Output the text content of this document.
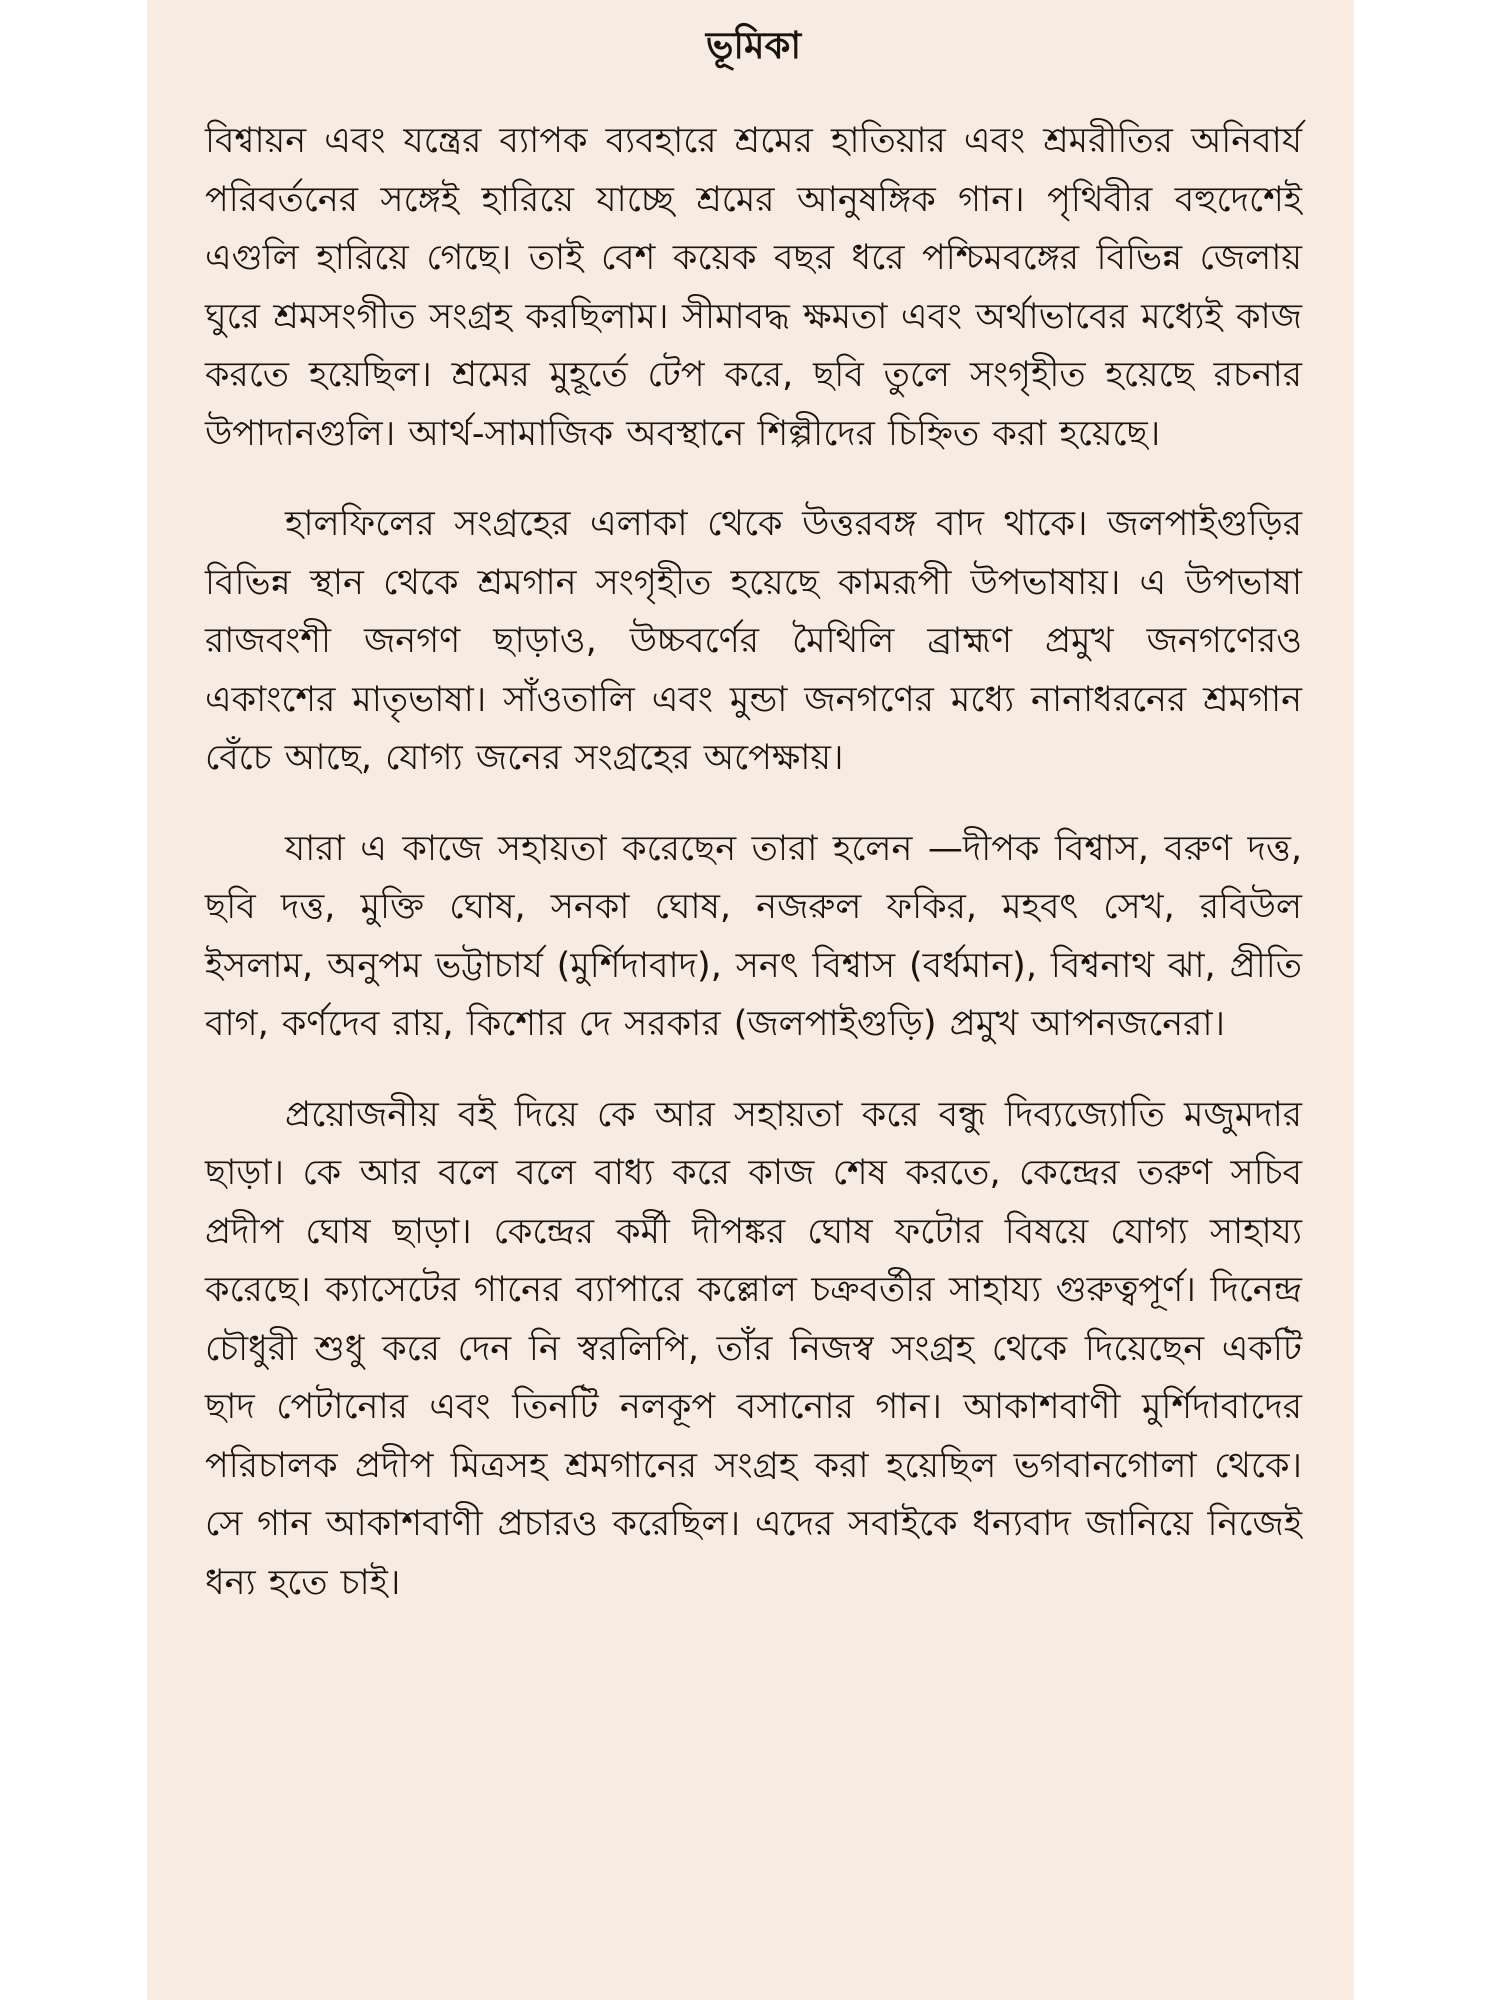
ভূমিকা

বিশ্বায়ন এবং যন্ত্রের ব্যাপক ব্যবহারে শ্রমের হাতিয়ার এবং শ্রমরীতির অনিবার্য পরিবর্তনের সঙ্গেই হারিয়ে যাচ্ছে শ্রমের আনুষঙ্গিক গান। পৃথিবীর বহুদেশেই এগুলি হারিয়ে গেছে। তাই বেশ কয়েক বছর ধরে পশ্চিমবঙ্গের বিভিন্ন জেলায় ঘুরে শ্রমসংগীত সংগ্রহ করছিলাম। সীমাবদ্ধ ক্ষমতা এবং অর্থাভাবের মধ্যেই কাজ করতে হয়েছিল। শ্রমের মুহূর্তে টেপ করে, ছবি তুলে সংগৃহীত হয়েছে রচনার উপাদানগুলি। আর্থ-সামাজিক অবস্থানে শিল্পীদের চিহ্নিত করা হয়েছে।

হালফিলের সংগ্রহের এলাকা থেকে উত্তরবঙ্গ বাদ থাকে। জলপাইগুড়ির বিভিন্ন স্থান থেকে শ্রমগান সংগৃহীত হয়েছে কামরূপী উপভাষায়। এ উপভাষা রাজবংশী জনগণ ছাড়াও, উচ্চবর্ণের মৈথিলি ব্রাহ্মণ প্রমুখ জনগণেরও একাংশের মাতৃভাষা। সাঁওতালি এবং মুন্ডা জনগণের মধ্যে নানাধরনের শ্রমগান বেঁচে আছে, যোগ্য জনের সংগ্রহের অপেক্ষায়।

যারা এ কাজে সহায়তা করেছেন তারা হলেন —দীপক বিশ্বাস, বরুণ দত্ত, ছবি দত্ত, মুক্তি ঘোষ, সনকা ঘোষ, নজরুল ফকির, মহবৎ সেখ, রবিউল ইসলাম, অনুপম ভট্টাচার্য (মুর্শিদাবাদ), সনৎ বিশ্বাস (বর্ধমান), বিশ্বনাথ ঝা, প্রীতি বাগ, কর্ণদেব রায়, কিশোর দে সরকার (জলপাইগুড়ি) প্রমুখ আপনজনেরা।

প্রয়োজনীয় বই দিয়ে কে আর সহায়তা করে বন্ধু দিব্যজ্যোতি মজুমদার ছাড়া। কে আর বলে বলে বাধ্য করে কাজ শেষ করতে, কেন্দ্রের তরুণ সচিব প্রদীপ ঘোষ ছাড়া। কেন্দ্রের কর্মী দীপঙ্কর ঘোষ ফটোর বিষয়ে যোগ্য সাহায্য করেছে। ক্যাসেটের গানের ব্যাপারে কল্লোল চক্রবর্তীর সাহায্য গুরুত্বপূর্ণ। দিনেন্দ্র চৌধুরী শুধু করে দেন নি স্বরলিপি, তাঁর নিজস্ব সংগ্রহ থেকে দিয়েছেন একটি ছাদ পেটানোর এবং তিনটি নলকূপ বসানোর গান। আকাশবাণী মুর্শিদাবাদের পরিচালক প্রদীপ মিত্রসহ শ্রমগানের সংগ্রহ করা হয়েছিল ভগবানগোলা থেকে। সে গান আকাশবাণী প্রচারও করেছিল। এদের সবাইকে ধন্যবাদ জানিয়ে নিজেই ধন্য হতে চাই।
